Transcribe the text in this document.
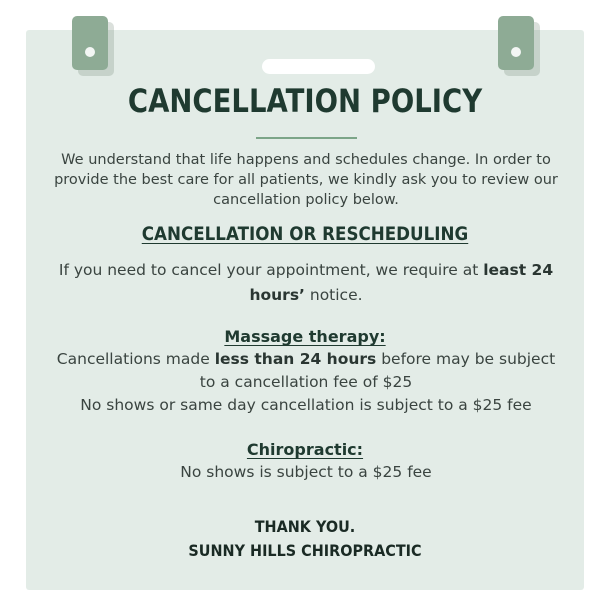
CANCELLATION POLICY

We understand that life happens and schedules change. In order to provide the best care for all patients, we kindly ask you to review our cancellation policy below.

CANCELLATION OR RESCHEDULING

If you need to cancel your appointment, we require at least 24 hours’ notice.

Massage therapy:

Cancellations made less than 24 hours before may be subject

to a cancellation fee of $25

No shows or same day cancellation is subject to a $25 fee

Chiropractic:

No shows is subject to a $25 fee

THANK YOU.

SUNNY HILLS CHIROPRACTIC
